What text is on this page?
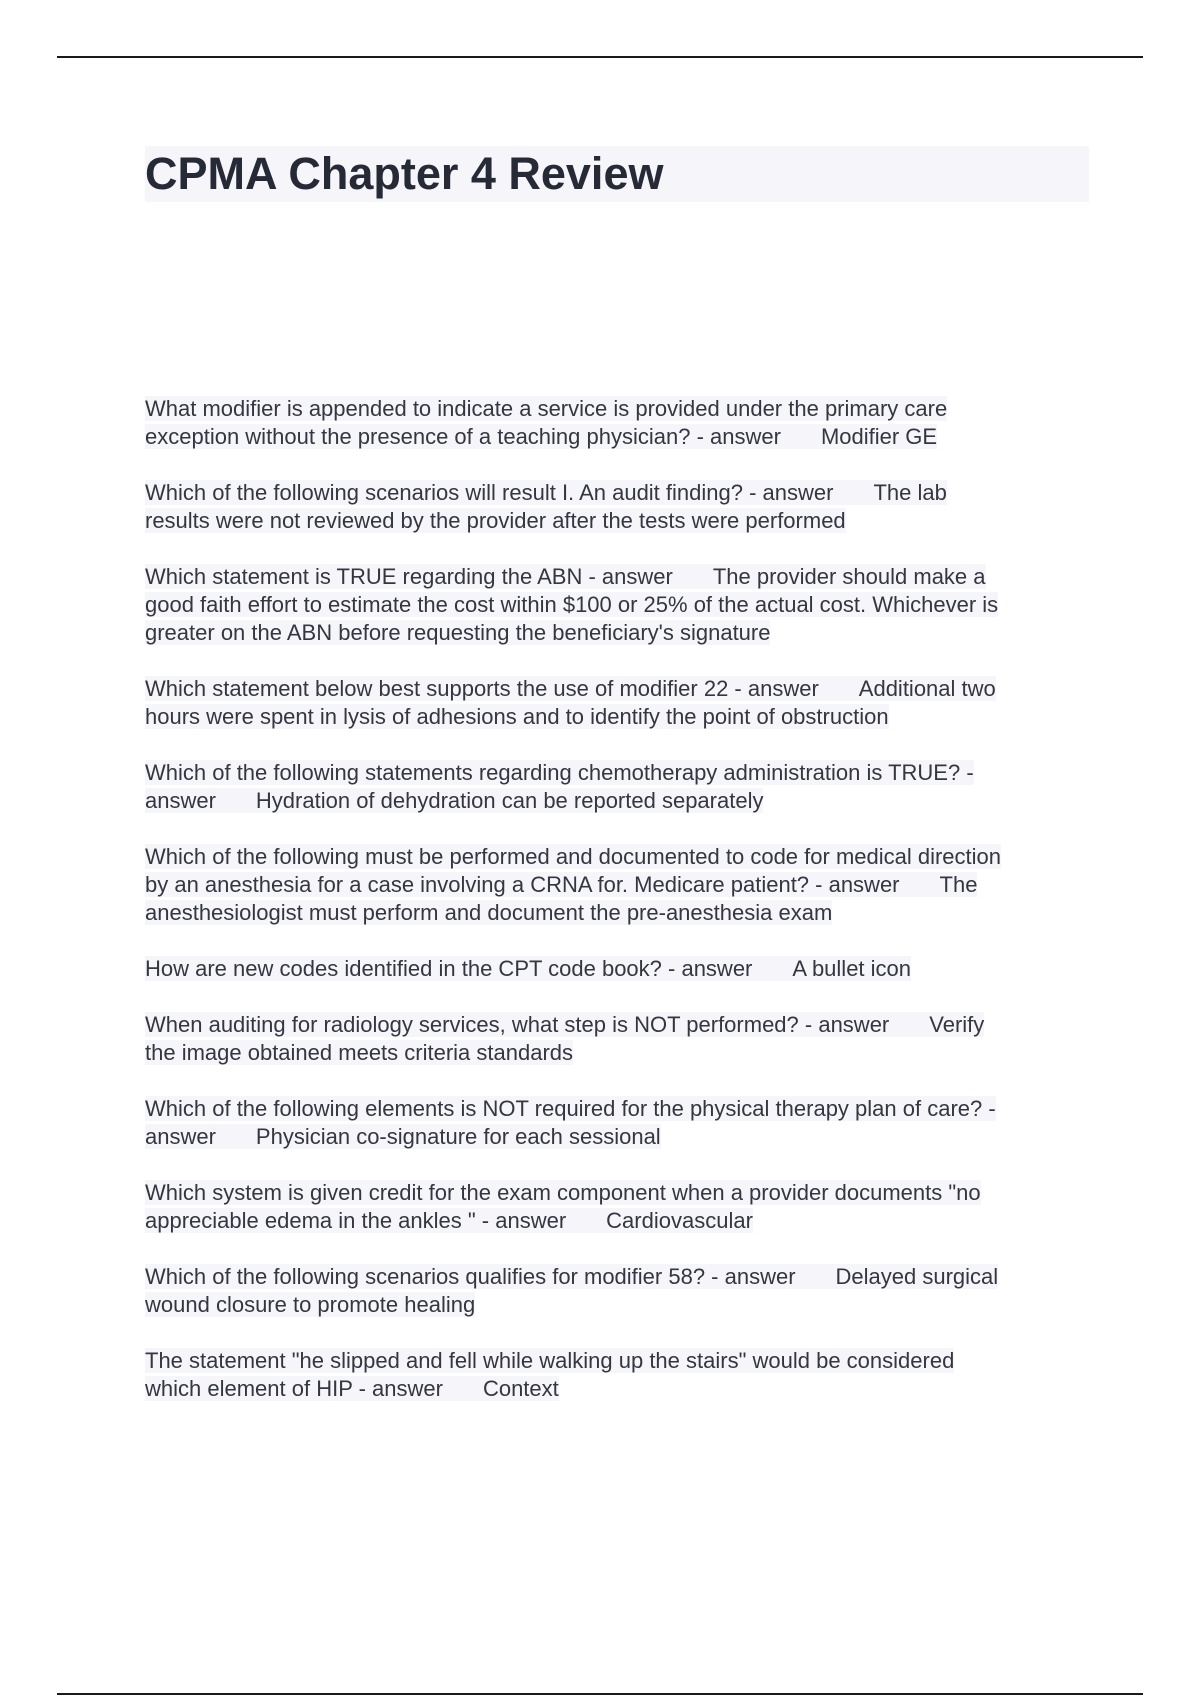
CPMA Chapter 4 Review

What modifier is appended to indicate a service is provided under the primary care
exception without the presence of a teaching physician? - answer Modifier GE

Which of the following scenarios will result I. An audit finding? - answer The lab
results were not reviewed by the provider after the tests were performed

Which statement is TRUE regarding the ABN - answer The provider should make a
good faith effort to estimate the cost within $100 or 25% of the actual cost. Whichever is
greater on the ABN before requesting the beneficiary's signature

Which statement below best supports the use of modifier 22 - answer Additional two
hours were spent in lysis of adhesions and to identify the point of obstruction

Which of the following statements regarding chemotherapy administration is TRUE? -
answer Hydration of dehydration can be reported separately

Which of the following must be performed and documented to code for medical direction
by an anesthesia for a case involving a CRNA for. Medicare patient? - answer The
anesthesiologist must perform and document the pre-anesthesia exam

How are new codes identified in the CPT code book? - answer A bullet icon

When auditing for radiology services, what step is NOT performed? - answer Verify
the image obtained meets criteria standards

Which of the following elements is NOT required for the physical therapy plan of care? -
answer Physician co-signature for each sessional

Which system is given credit for the exam component when a provider documents "no
appreciable edema in the ankles " - answer Cardiovascular

Which of the following scenarios qualifies for modifier 58? - answer Delayed surgical
wound closure to promote healing

The statement "he slipped and fell while walking up the stairs" would be considered
which element of HIP - answer Context
